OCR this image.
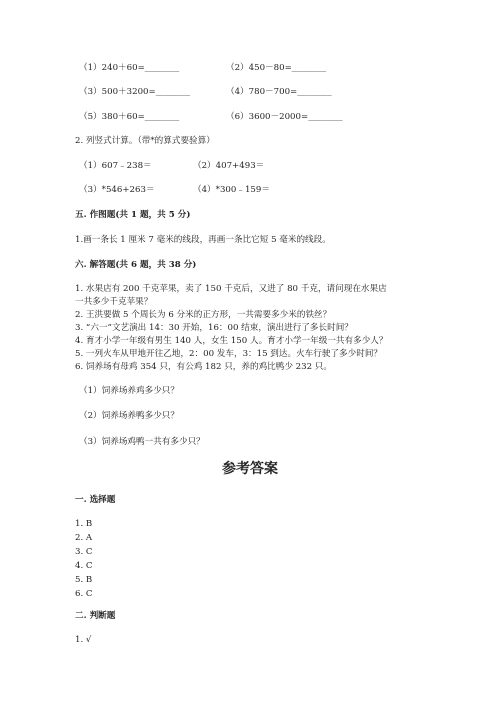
（1）240＋60=________	（2）450－80=________
（3）500＋3200=________	（4）780－700=________
（5）380＋60=________	（6）3600－2000=________
2. 列竖式计算。（带*的算式要验算）
（1）607﹣238＝	（2）407+493＝
（3）*546+263＝	（4）*300﹣159＝
五. 作图题(共 1 题，共 5 分)
1.画一条长 1 厘米 7 毫米的线段，再画一条比它短 5 毫米的线段。
六. 解答题(共 6 题，共 38 分)
1. 水果店有 200 千克苹果，卖了 150 千克后，又进了 80 千克，请问现在水果店
一共多少千克苹果？
2. 王洪要做 5 个周长为 6 分米的正方形，一共需要多少米的铁丝？
3. “六一”文艺演出 14：30 开始，16：00 结束，演出进行了多长时间？
4. 育才小学一年级有男生 140 人，女生 150 人。育才小学一年级一共有多少人？
5. 一列火车从甲地开往乙地，2：00 发车，3：15 到达。火车行驶了多少时间？
6. 饲养场有母鸡 354 只，有公鸡 182 只，养的鸡比鸭少 232 只。
（1）饲养场养鸡多少只？
（2）饲养场养鸭多少只？
（3）饲养场鸡鸭一共有多少只？
参考答案
一. 选择题
1. B
2. A
3. C
4. C
5. B
6. C
二. 判断题
1. √
